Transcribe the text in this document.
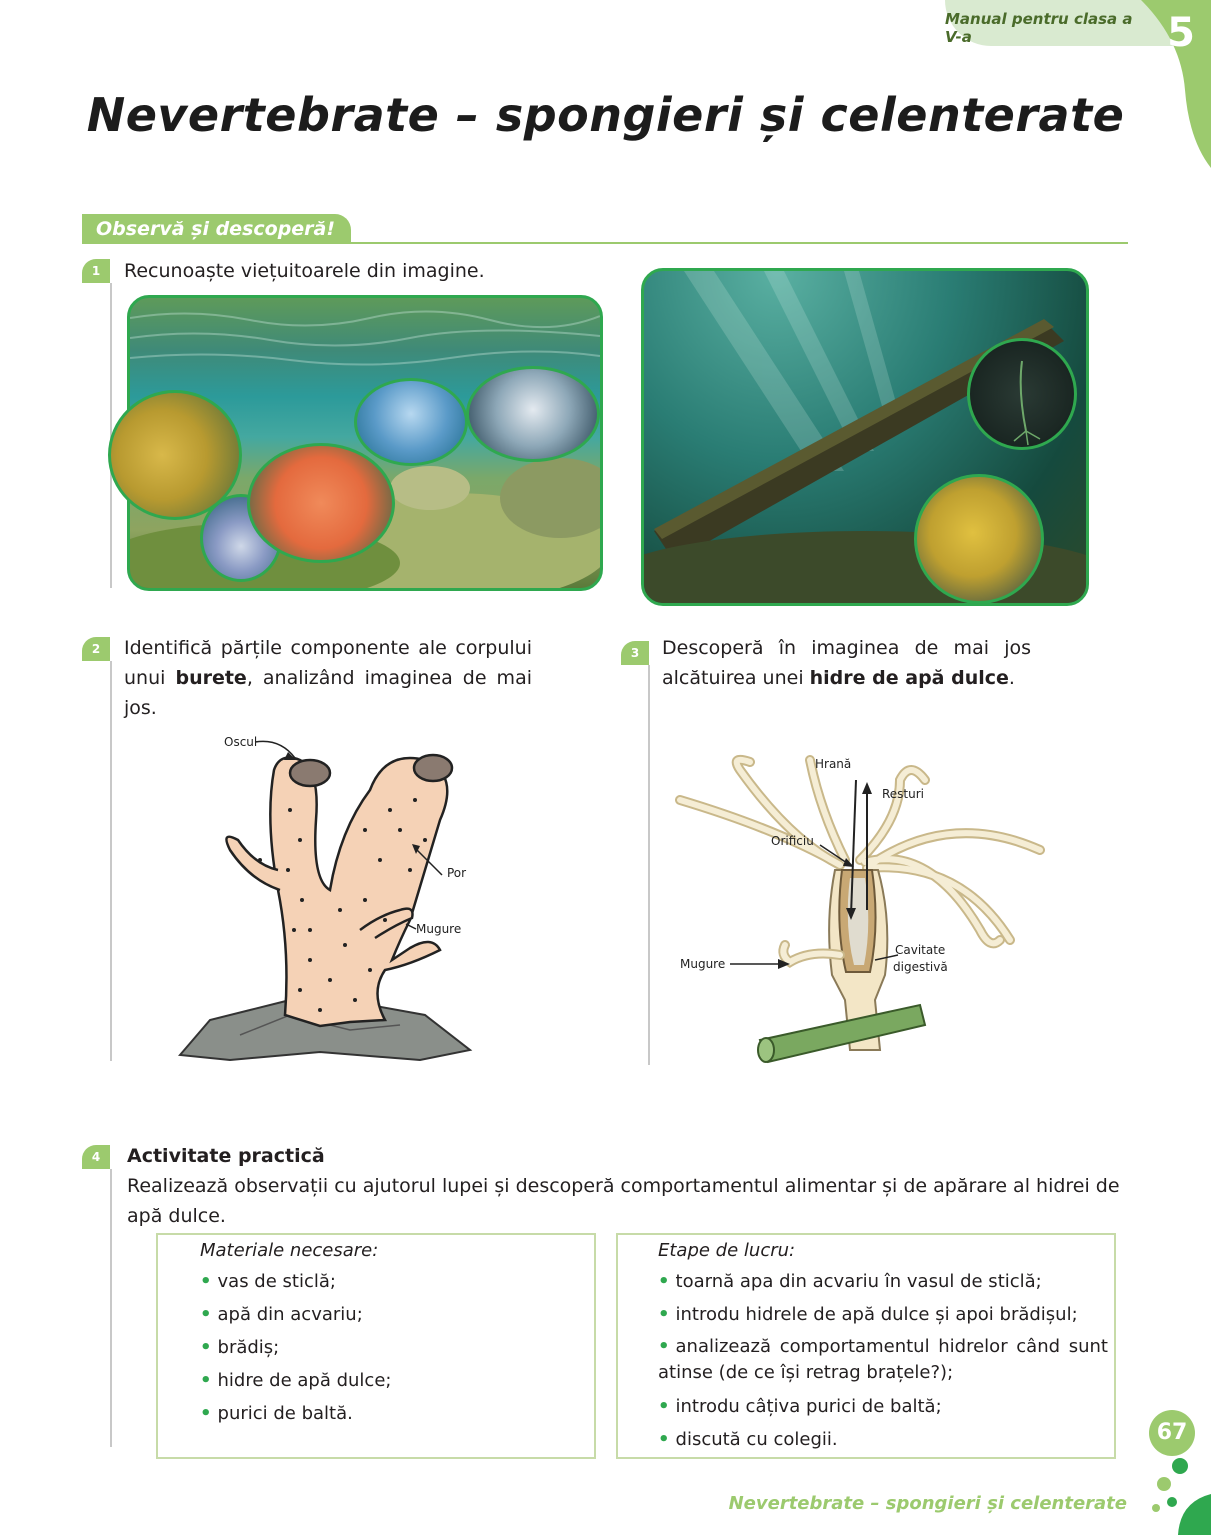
Manual pentru clasa a V-a	5
Nevertebrate – spongieri și celenterate
Observă și descoperă!
1	Recunoaște viețuitoarele din imagine.
2	Identifică părțile componente ale corpului unui burete, analizând imaginea de mai jos.
Oscul
Por
Mugure
3	Descoperă în imaginea de mai jos alcătuirea unei hidre de apă dulce.
Hrană
Resturi
Orificiu
Mugure
Cavitate
digestivă
4	Activitate practică
Realizează observații cu ajutorul lupei și descoperă comportamentul alimentar și de apărare al hidrei de apă dulce.
Materiale necesare:
• vas de sticlă;
• apă din acvariu;
• brădiș;
• hidre de apă dulce;
• purici de baltă.
Etape de lucru:
• toarnă apa din acvariu în vasul de sticlă;
• introdu hidrele de apă dulce și apoi brădișul;
• analizează comportamentul hidrelor când sunt atinse (de ce își retrag brațele?);
• introdu câțiva purici de baltă;
• discută cu colegii.	67
Nevertebrate – spongieri și celenterate
